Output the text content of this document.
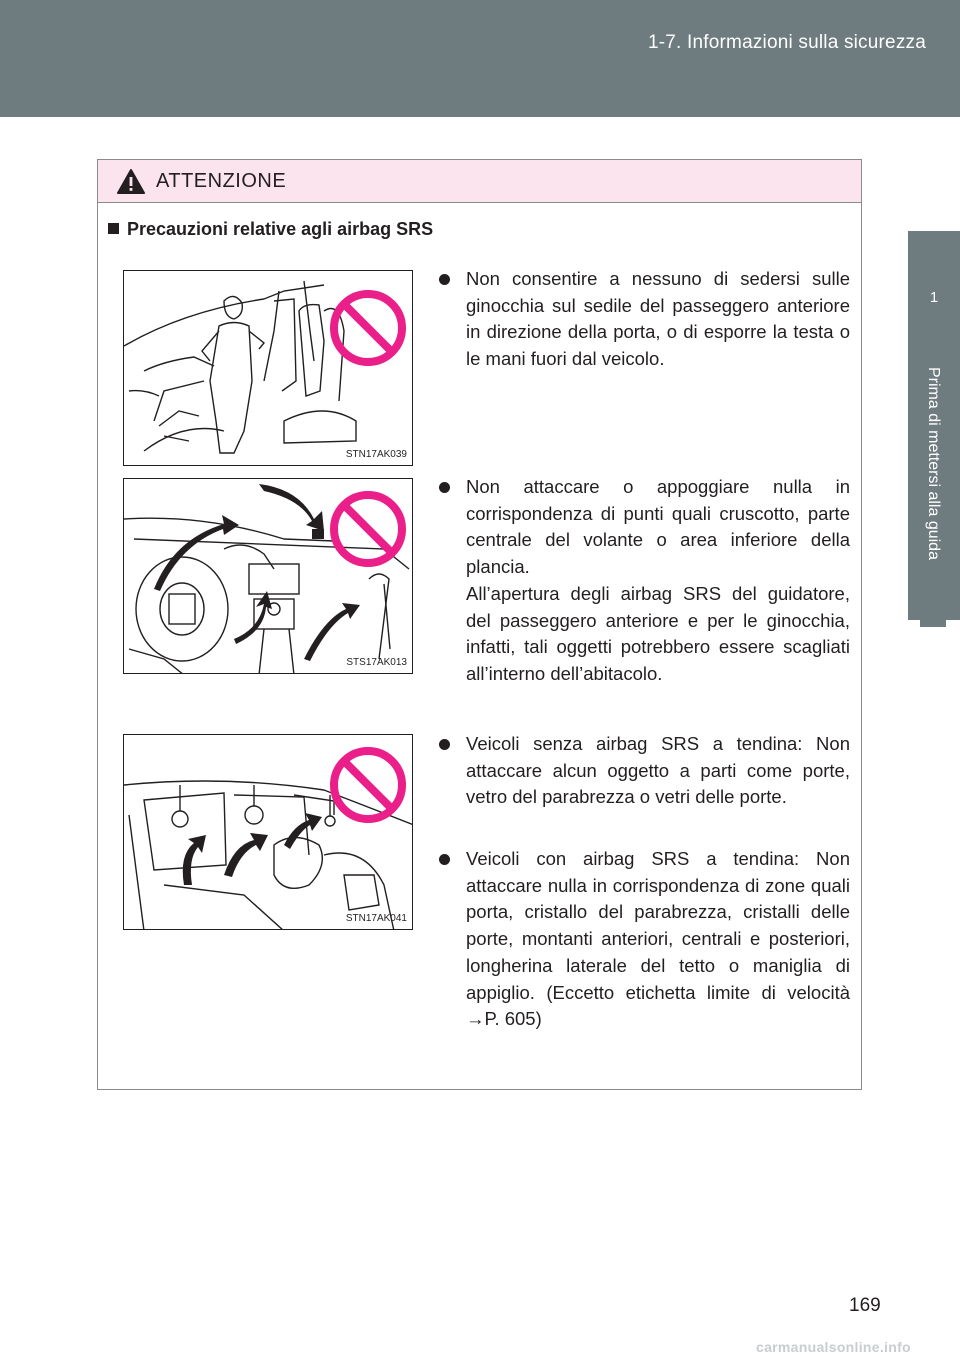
1-7. Informazioni sulla sicurezza
1
Prima di mettersi alla guida
ATTENZIONE
Precauzioni relative agli airbag SRS
STN17AK039
STS17AK013
STN17AK041
Non consentire a nessuno di sedersi sulle ginocchia sul sedile del passeggero anteriore in direzione della porta, o di esporre la testa o le mani fuori dal veicolo.
Non attaccare o appoggiare nulla in corrispondenza di punti quali cruscotto, parte centrale del volante o area inferiore della plancia.
All’apertura degli airbag SRS del guidatore, del passeggero anteriore e per le ginocchia, infatti, tali oggetti potrebbero essere scagliati all’interno dell’abitacolo.
Veicoli senza airbag SRS a tendina: Non attaccare alcun oggetto a parti come porte, vetro del parabrezza o vetri delle porte.
Veicoli con airbag SRS a tendina: Non attaccare nulla in corrispondenza di zone quali porta, cristallo del parabrezza, cristalli delle porte, montanti anteriori, centrali e posteriori, longherina laterale del tetto o maniglia di appiglio. (Eccetto etichetta limite di velocità →P. 605)
169
carmanualsonline.info
